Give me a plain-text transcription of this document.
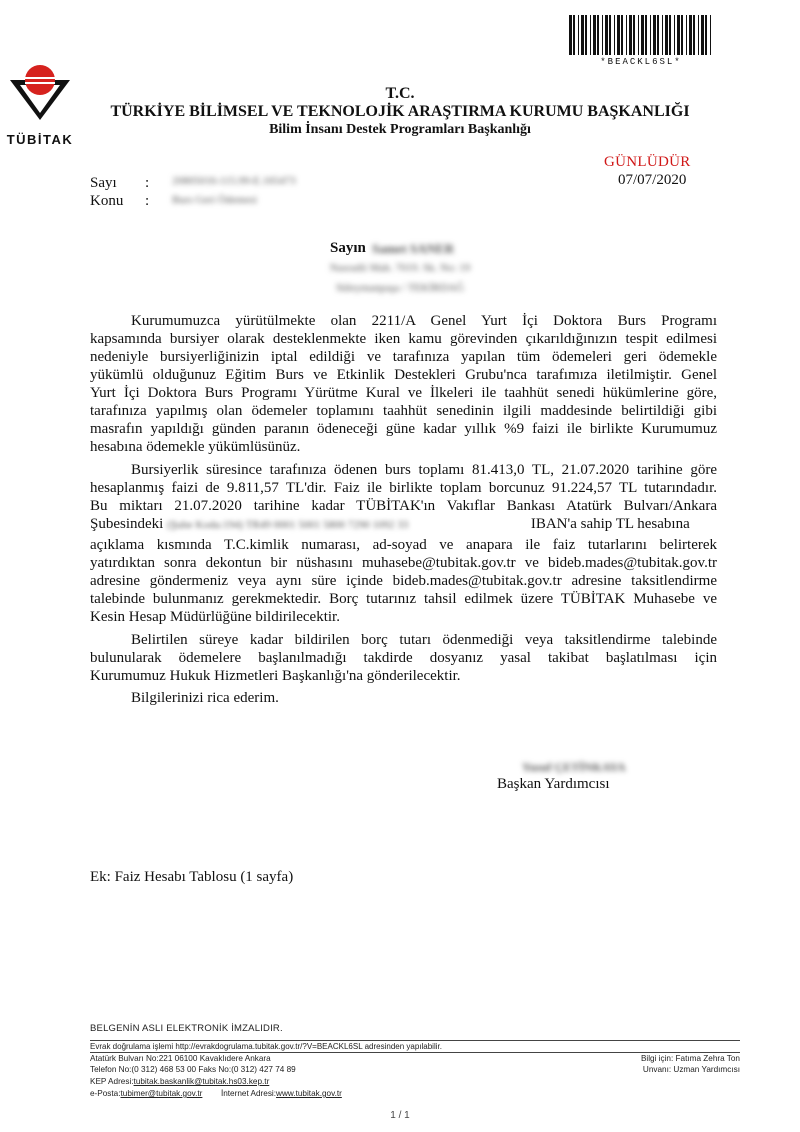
*BEACKL6SL*
TÜBİTAK
T.C.
TÜRKİYE BİLİMSEL VE TEKNOLOJİK ARAŞTIRMA KURUMU BAŞKANLIĞI
Bilim İnsanı Destek Programları Başkanlığı
GÜNLÜDÜR
07/07/2020
Sayı : 20805016-115.99-E.165473
Konu : Burs Geri Ödemesi
Sayın Samet SANER
Nasradii Mah. 7019. Sk. No: 19
Süleymanpaşa / TEKİRDAĞ
Kurumumuzca yürütülmekte olan 2211/A Genel Yurt İçi Doktora Burs Programı
kapsamında bursiyer olarak desteklenmekte iken kamu görevinden çıkarıldığınızın tespit edilmesi
nedeniyle bursiyerliğinizin iptal edildiği ve tarafınıza yapılan tüm ödemeleri geri ödemekle
yükümlü olduğunuz Eğitim Burs ve Etkinlik Destekleri Grubu'nca tarafımıza iletilmiştir. Genel
Yurt İçi Doktora Burs Programı Yürütme Kural ve İlkeleri ile taahhüt senedi hükümlerine göre,
tarafınıza yapılmış olan ödemeler toplamını taahhüt senedinin ilgili maddesinde belirtildiği gibi
masrafın yapıldığı günden paranın ödeneceği güne kadar yıllık %9 faizi ile birlikte Kurumumuz
hesabına ödemekle yükümlüsünüz.
Bursiyerlik süresince tarafınıza ödenen burs toplamı 81.413,0 TL, 21.07.2020 tarihine göre
hesaplanmış faizi de 9.811,57 TL'dir. Faiz ile birlikte toplam borcunuz 91.224,57 TL tutarındadır.
Bu miktarı 21.07.2020 tarihine kadar TÜBİTAK'ın Vakıflar Bankası Atatürk Bulvarı/Ankara
Şubesindeki (Şube Kodu:194) TR49 0001 5001 5800 7290 1092 33	IBAN'a sahip TL hesabına
açıklama kısmında T.C.kimlik numarası, ad-soyad ve anapara ile faiz tutarlarını belirterek
yatırdıktan sonra dekontun bir nüshasını muhasebe@tubitak.gov.tr ve bideb.mades@tubitak.gov.tr
adresine göndermeniz veya aynı süre içinde bideb.mades@tubitak.gov.tr adresine taksitlendirme
talebinde bulunmanız gerekmektedir. Borç tutarınız tahsil edilmek üzere TÜBİTAK Muhasebe ve
Kesin Hesap Müdürlüğüne bildirilecektir.
Belirtilen süreye kadar bildirilen borç tutarı ödenmediği veya taksitlendirme talebinde
bulunularak ödemelere başlanılmadığı takdirde dosyanız yasal takibat başlatılması için
Kurumumuz Hukuk Hizmetleri Başkanlığı'na gönderilecektir.
Bilgilerinizi rica ederim.
Yusuf ÇETİNKAYA
Başkan Yardımcısı
Ek: Faiz Hesabı Tablosu (1 sayfa)
BELGENİN ASLI ELEKTRONİK İMZALIDIR.
Evrak doğrulama işlemi http://evrakdogrulama.tubitak.gov.tr/?V=BEACKL6SL adresinden yapılabilir.
Atatürk Bulvarı No:221 06100 Kavaklıdere Ankara
Telefon No:(0 312) 468 53 00 Faks No:(0 312) 427 74 89
KEP Adresi:tubitak.baskanlik@tubitak.hs03.kep.tr
e-Posta:tubimer@tubitak.gov.tr İnternet Adresi:www.tubitak.gov.tr
Bilgi için: Fatıma Zehra Ton
Unvanı: Uzman Yardımcısı
1 / 1
